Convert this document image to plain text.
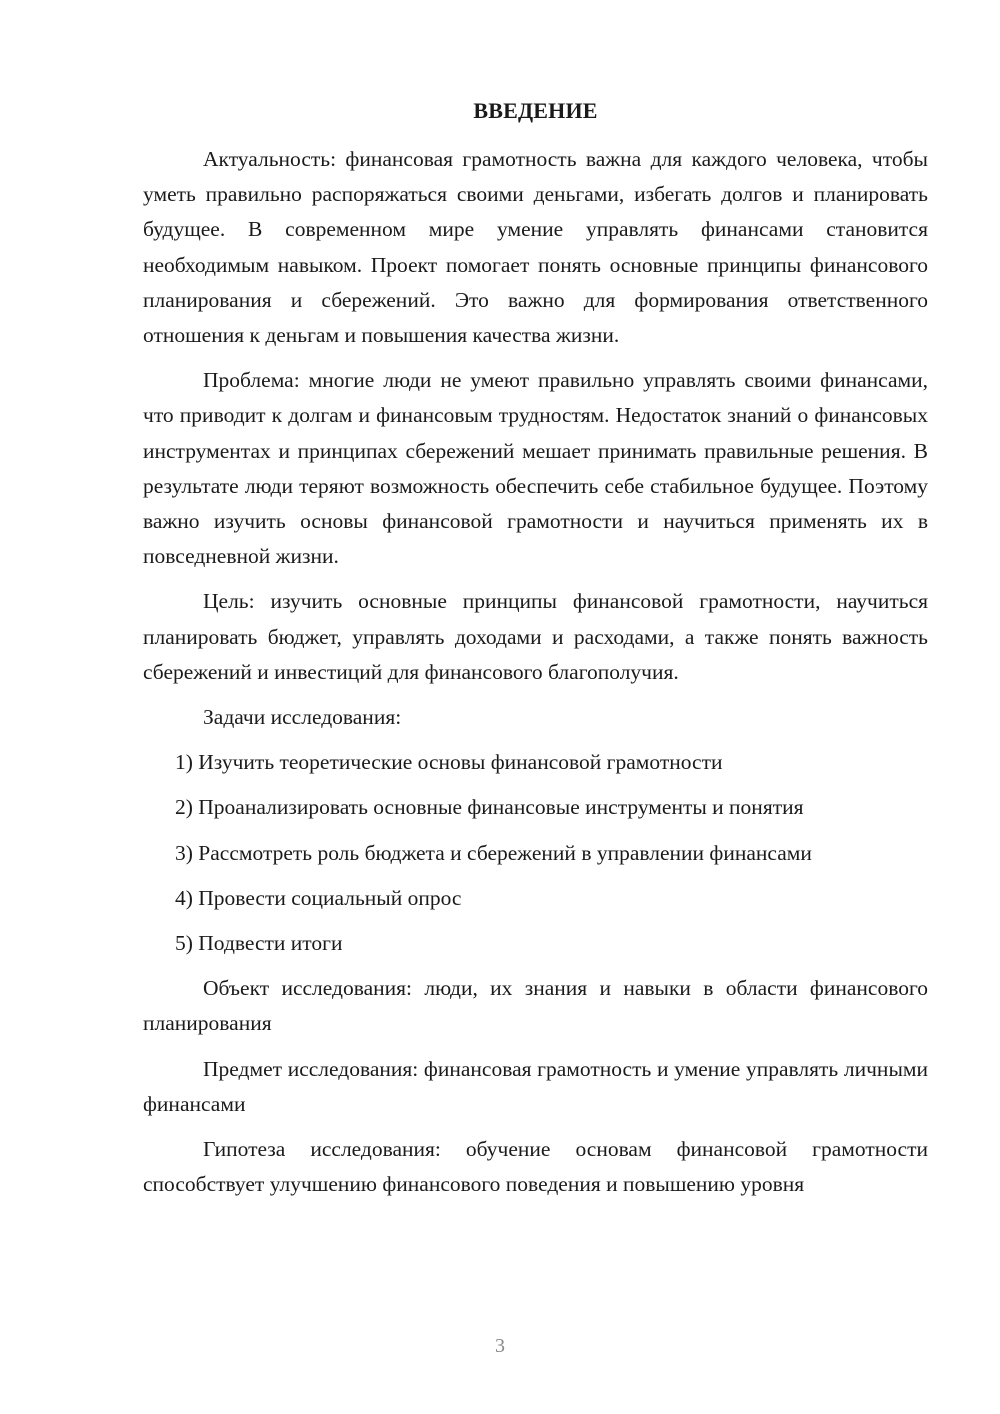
ВВЕДЕНИЕ

Актуальность: финансовая грамотность важна для каждого человека, чтобы уметь правильно распоряжаться своими деньгами, избегать долгов и планировать будущее. В современном мире умение управлять финансами становится необходимым навыком. Проект помогает понять основные принципы финансового планирования и сбережений. Это важно для формирования ответственного отношения к деньгам и повышения качества жизни.

Проблема: многие люди не умеют правильно управлять своими финансами, что приводит к долгам и финансовым трудностям. Недостаток знаний о финансовых инструментах и принципах сбережений мешает принимать правильные решения. В результате люди теряют возможность обеспечить себе стабильное будущее. Поэтому важно изучить основы финансовой грамотности и научиться применять их в повседневной жизни.

Цель: изучить основные принципы финансовой грамотности, научиться планировать бюджет, управлять доходами и расходами, а также понять важность сбережений и инвестиций для финансового благополучия.

Задачи исследования:

1) Изучить теоретические основы финансовой грамотности

2) Проанализировать основные финансовые инструменты и понятия

3) Рассмотреть роль бюджета и сбережений в управлении финансами

4) Провести социальный опрос

5) Подвести итоги

Объект исследования: люди, их знания и навыки в области финансового планирования

Предмет исследования: финансовая грамотность и умение управлять личными финансами

Гипотеза исследования: обучение основам финансовой грамотности способствует улучшению финансового поведения и повышению уровня

3
